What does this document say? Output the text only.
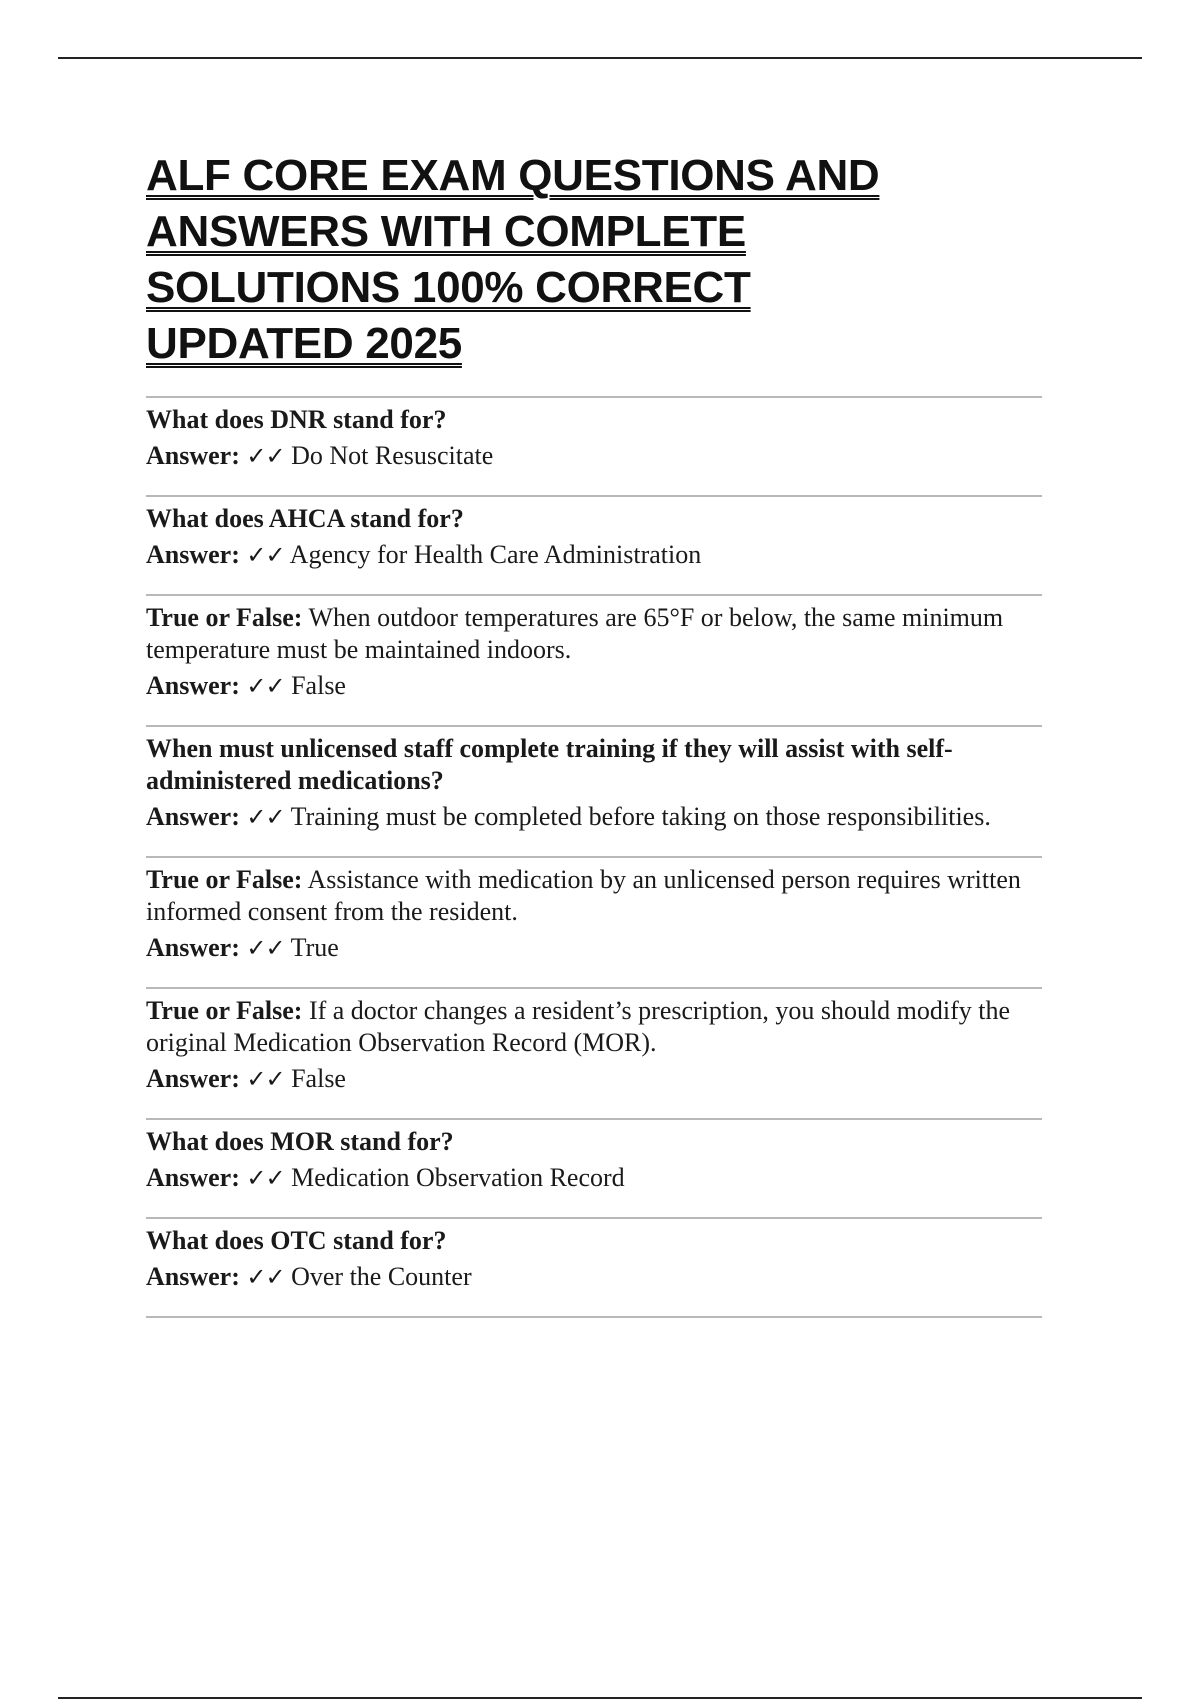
ALF CORE EXAM QUESTIONS AND
ANSWERS WITH COMPLETE
SOLUTIONS 100% CORRECT
UPDATED 2025

What does DNR stand for?

Answer: ✓✓ Do Not Resuscitate

What does AHCA stand for?

Answer: ✓✓ Agency for Health Care Administration

True or False: When outdoor temperatures are 65°F or below, the same minimum temperature must be maintained indoors.

Answer: ✓✓ False

When must unlicensed staff complete training if they will assist with self-administered medications?

Answer: ✓✓ Training must be completed before taking on those responsibilities.

True or False: Assistance with medication by an unlicensed person requires written informed consent from the resident.

Answer: ✓✓ True

True or False: If a doctor changes a resident’s prescription, you should modify the original Medication Observation Record (MOR).

Answer: ✓✓ False

What does MOR stand for?

Answer: ✓✓ Medication Observation Record

What does OTC stand for?

Answer: ✓✓ Over the Counter
